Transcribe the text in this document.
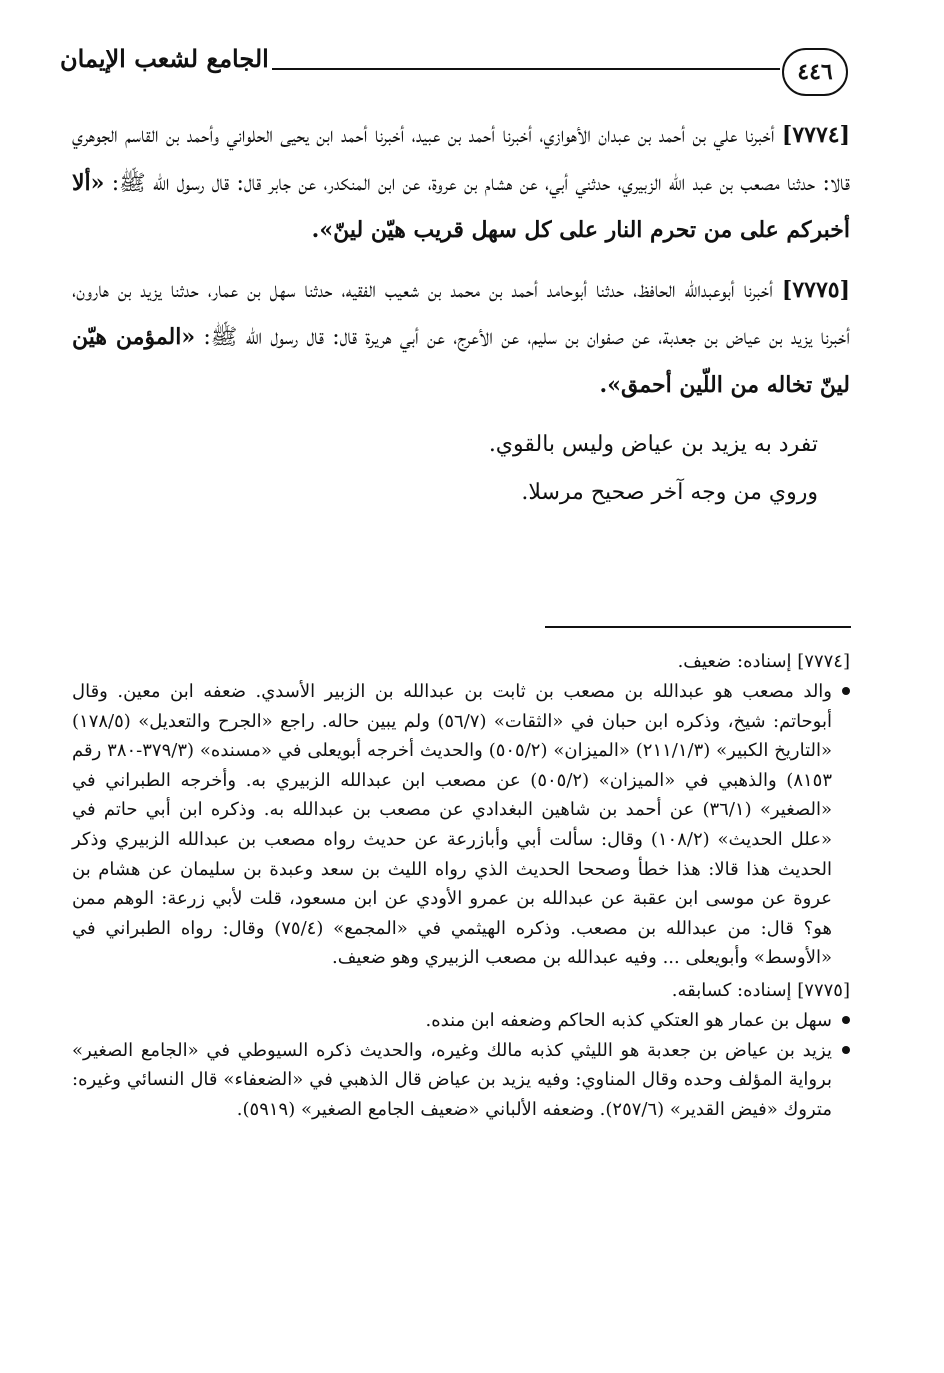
الجامع لشعب الإيمان	٤٤٦

[٧٧٧٤] أخبرنا علي بن أحمد بن عبدان الأهوازي، أخبرنا أحمد بن عبيد، أخبرنا أحمد ابن يحيى الحلواني وأحمد بن القاسم الجوهري قالا: حدثنا مصعب بن عبد الله الزبيري، حدثني أبي، عن هشام بن عروة، عن ابن المنكدر، عن جابر قال: قال رسول الله ﷺ: «ألا أخبركم على من تحرم النار على كل سهل قريب هيّن لينّ».

[٧٧٧٥] أخبرنا أبوعبدالله الحافظ، حدثنا أبوحامد أحمد بن محمد بن شعيب الفقيه، حدثنا سهل بن عمار، حدثنا يزيد بن هارون، أخبرنا يزيد بن عياض بن جعدبة، عن صفوان بن سليم، عن الأعرج، عن أبي هريرة قال: قال رسول الله ﷺ: «المؤمن هيّن لينّ تخاله من اللّين أحمق».

تفرد به يزيد بن عياض وليس بالقوي.

وروي من وجه آخر صحيح مرسلا.

[٧٧٧٤] إسناده: ضعيف.

والد مصعب هو عبدالله بن مصعب بن ثابت بن عبدالله بن الزبير الأسدي. ضعفه ابن معين. وقال أبوحاتم: شيخ، وذكره ابن حبان في «الثقات» (٥٦/٧) ولم يبين حاله. راجع «الجرح والتعديل» (١٧٨/٥) «التاريخ الكبير» (٢١١/١/٣) «الميزان» (٥٠٥/٢) والحديث أخرجه أبويعلى في «مسنده» (٣٧٩/٣-٣٨٠ رقم ٨١٥٣) والذهبي في «الميزان» (٥٠٥/٢) عن مصعب ابن عبدالله الزبيري به. وأخرجه الطبراني في «الصغير» (٣٦/١) عن أحمد بن شاهين البغدادي عن مصعب بن عبدالله به. وذكره ابن أبي حاتم في «علل الحديث» (١٠٨/٢) وقال: سألت أبي وأبازرعة عن حديث رواه مصعب بن عبدالله الزبيري وذكر الحديث هذا قالا: هذا خطأ وصححا الحديث الذي رواه الليث بن سعد وعبدة بن سليمان عن هشام بن عروة عن موسى ابن عقبة عن عبدالله بن عمرو الأودي عن ابن مسعود، قلت لأبي زرعة: الوهم ممن هو؟ قال: من عبدالله بن مصعب. وذكره الهيثمي في «المجمع» (٧٥/٤) وقال: رواه الطبراني في «الأوسط» وأبويعلى ... وفيه عبدالله بن مصعب الزبيري وهو ضعيف.

[٧٧٧٥] إسناده: كسابقه.

سهل بن عمار هو العتكي كذبه الحاكم وضعفه ابن منده.

يزيد بن عياض بن جعدبة هو الليثي كذبه مالك وغيره، والحديث ذكره السيوطي في «الجامع الصغير» برواية المؤلف وحده وقال المناوي: وفيه يزيد بن عياض قال الذهبي في «الضعفاء» قال النسائي وغيره: متروك «فيض القدير» (٢٥٧/٦). وضعفه الألباني «ضعيف الجامع الصغير» (٥٩١٩).
